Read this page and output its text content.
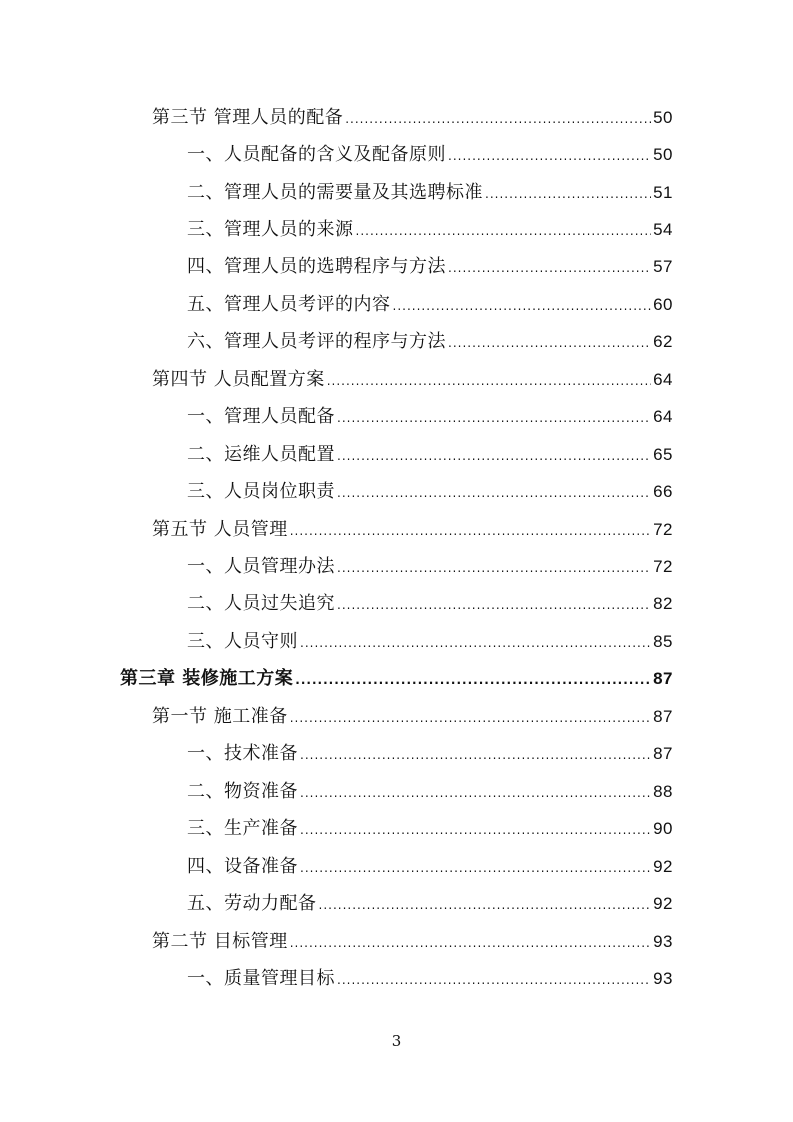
第三节 管理人员的配备 .....	50
一、人员配备的含义及配备原则 .....	50
二、管理人员的需要量及其选聘标准 .....	51
三、管理人员的来源 .....	54
四、管理人员的选聘程序与方法 .....	57
五、管理人员考评的内容 .....	60
六、管理人员考评的程序与方法 .....	62
第四节 人员配置方案 .....	64
一、管理人员配备 .....	64
二、运维人员配置 .....	65
三、人员岗位职责 .....	66
第五节 人员管理 .....	72
一、人员管理办法 .....	72
二、人员过失追究 .....	82
三、人员守则 .....	85
第三章 装修施工方案 .....	87
第一节 施工准备 .....	87
一、技术准备 .....	87
二、物资准备 .....	88
三、生产准备 .....	90
四、设备准备 .....	92
五、劳动力配备 .....	92
第二节 目标管理 .....	93
一、质量管理目标 .....	93
3
